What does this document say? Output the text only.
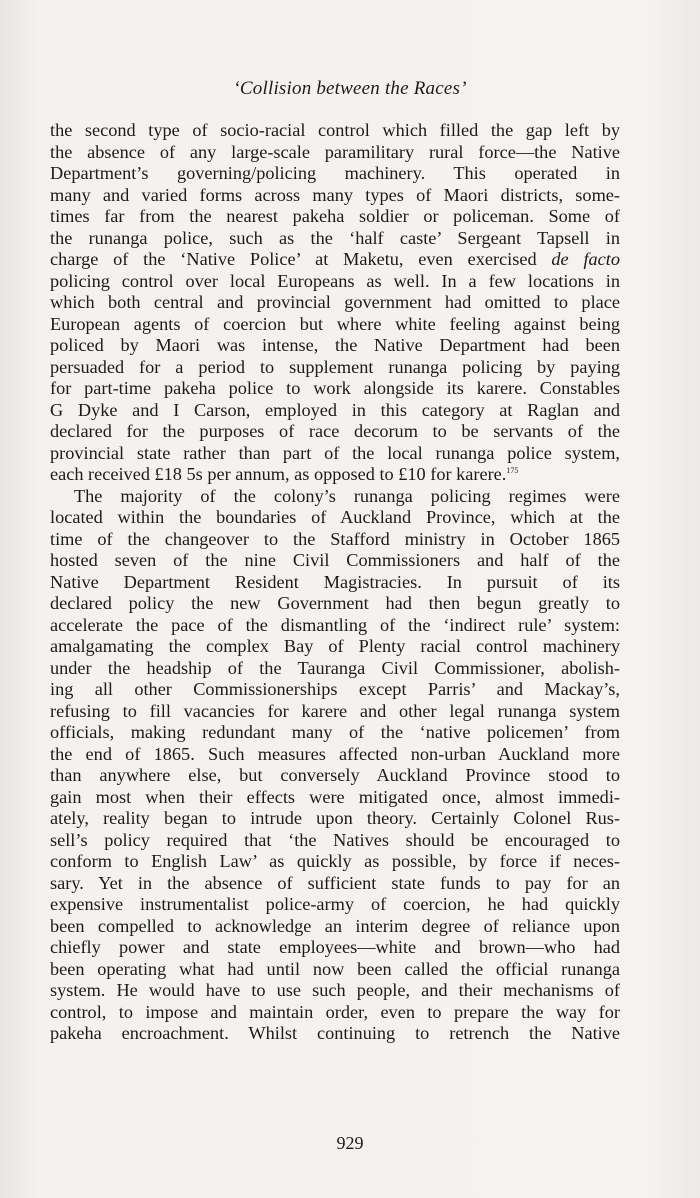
‘Collision between the Races’
the second type of socio-racial control which filled the gap left by
the absence of any large-scale paramilitary rural force—the Native
Department’s governing/policing machinery. This operated in
many and varied forms across many types of Maori districts, some-
times far from the nearest pakeha soldier or policeman. Some of
the runanga police, such as the ‘half caste’ Sergeant Tapsell in
charge of the ‘Native Police’ at Maketu, even exercised de facto
policing control over local Europeans as well. In a few locations in
which both central and provincial government had omitted to place
European agents of coercion but where white feeling against being
policed by Maori was intense, the Native Department had been
persuaded for a period to supplement runanga policing by paying
for part-time pakeha police to work alongside its karere. Constables
G Dyke and I Carson, employed in this category at Raglan and
declared for the purposes of race decorum to be servants of the
provincial state rather than part of the local runanga police system,
each received £18 5s per annum, as opposed to £10 for karere.$^{175}$
The majority of the colony’s runanga policing regimes were
located within the boundaries of Auckland Province, which at the
time of the changeover to the Stafford ministry in October 1865
hosted seven of the nine Civil Commissioners and half of the
Native Department Resident Magistracies. In pursuit of its
declared policy the new Government had then begun greatly to
accelerate the pace of the dismantling of the ‘indirect rule’ system:
amalgamating the complex Bay of Plenty racial control machinery
under the headship of the Tauranga Civil Commissioner, abolish-
ing all other Commissionerships except Parris’ and Mackay’s,
refusing to fill vacancies for karere and other legal runanga system
officials, making redundant many of the ‘native policemen’ from
the end of 1865. Such measures affected non-urban Auckland more
than anywhere else, but conversely Auckland Province stood to
gain most when their effects were mitigated once, almost immedi-
ately, reality began to intrude upon theory. Certainly Colonel Rus-
sell’s policy required that ‘the Natives should be encouraged to
conform to English Law’ as quickly as possible, by force if neces-
sary. Yet in the absence of sufficient state funds to pay for an
expensive instrumentalist police-army of coercion, he had quickly
been compelled to acknowledge an interim degree of reliance upon
chiefly power and state employees—white and brown—who had
been operating what had until now been called the official runanga
system. He would have to use such people, and their mechanisms of
control, to impose and maintain order, even to prepare the way for
pakeha encroachment. Whilst continuing to retrench the Native
929
